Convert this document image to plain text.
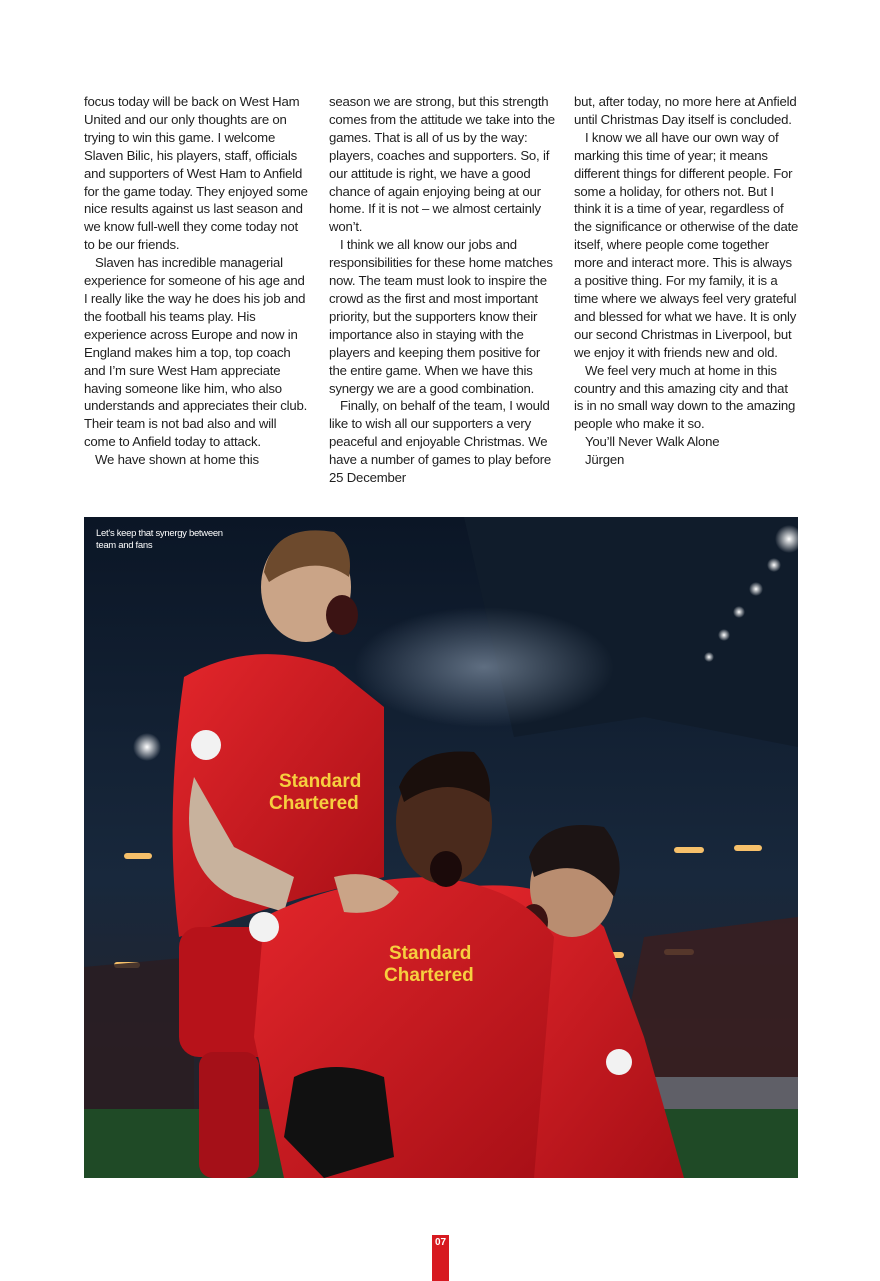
focus today will be back on West Ham United and our only thoughts are on trying to win this game. I welcome Slaven Bilic, his players, staff, officials and supporters of West Ham to Anfield for the game today. They enjoyed some nice results against us last season and we know full-well they come today not to be our friends.

Slaven has incredible managerial experience for someone of his age and I really like the way he does his job and the football his teams play. His experience across Europe and now in England makes him a top, top coach and I’m sure West Ham appreciate having someone like him, who also understands and appreciates their club. Their team is not bad also and will come to Anfield today to attack.

We have shown at home this

season we are strong, but this strength comes from the attitude we take into the games. That is all of us by the way: players, coaches and supporters. So, if our attitude is right, we have a good chance of again enjoying being at our home. If it is not – we almost certainly won’t.

I think we all know our jobs and responsibilities for these home matches now. The team must look to inspire the crowd as the first and most important priority, but the supporters know their importance also in staying with the players and keeping them positive for the entire game. When we have this synergy we are a good combination.

Finally, on behalf of the team, I would like to wish all our supporters a very peaceful and enjoyable Christmas. We have a number of games to play before 25 December

but, after today, no more here at Anfield until Christmas Day itself is concluded.

I know we all have our own way of marking this time of year; it means different things for different people. For some a holiday, for others not. But I think it is a time of year, regardless of the significance or otherwise of the date itself, where people come together more and interact more. This is always a positive thing. For my family, it is a time where we always feel very grateful and blessed for what we have. It is only our second Christmas in Liverpool, but we enjoy it with friends new and old.

We feel very much at home in this country and this amazing city and that is in no small way down to the amazing people who make it so.

You’ll Never Walk Alone

Jürgen

Standard
Chartered
Standard
Chartered
Let’s keep that synergy between team and fans
07
